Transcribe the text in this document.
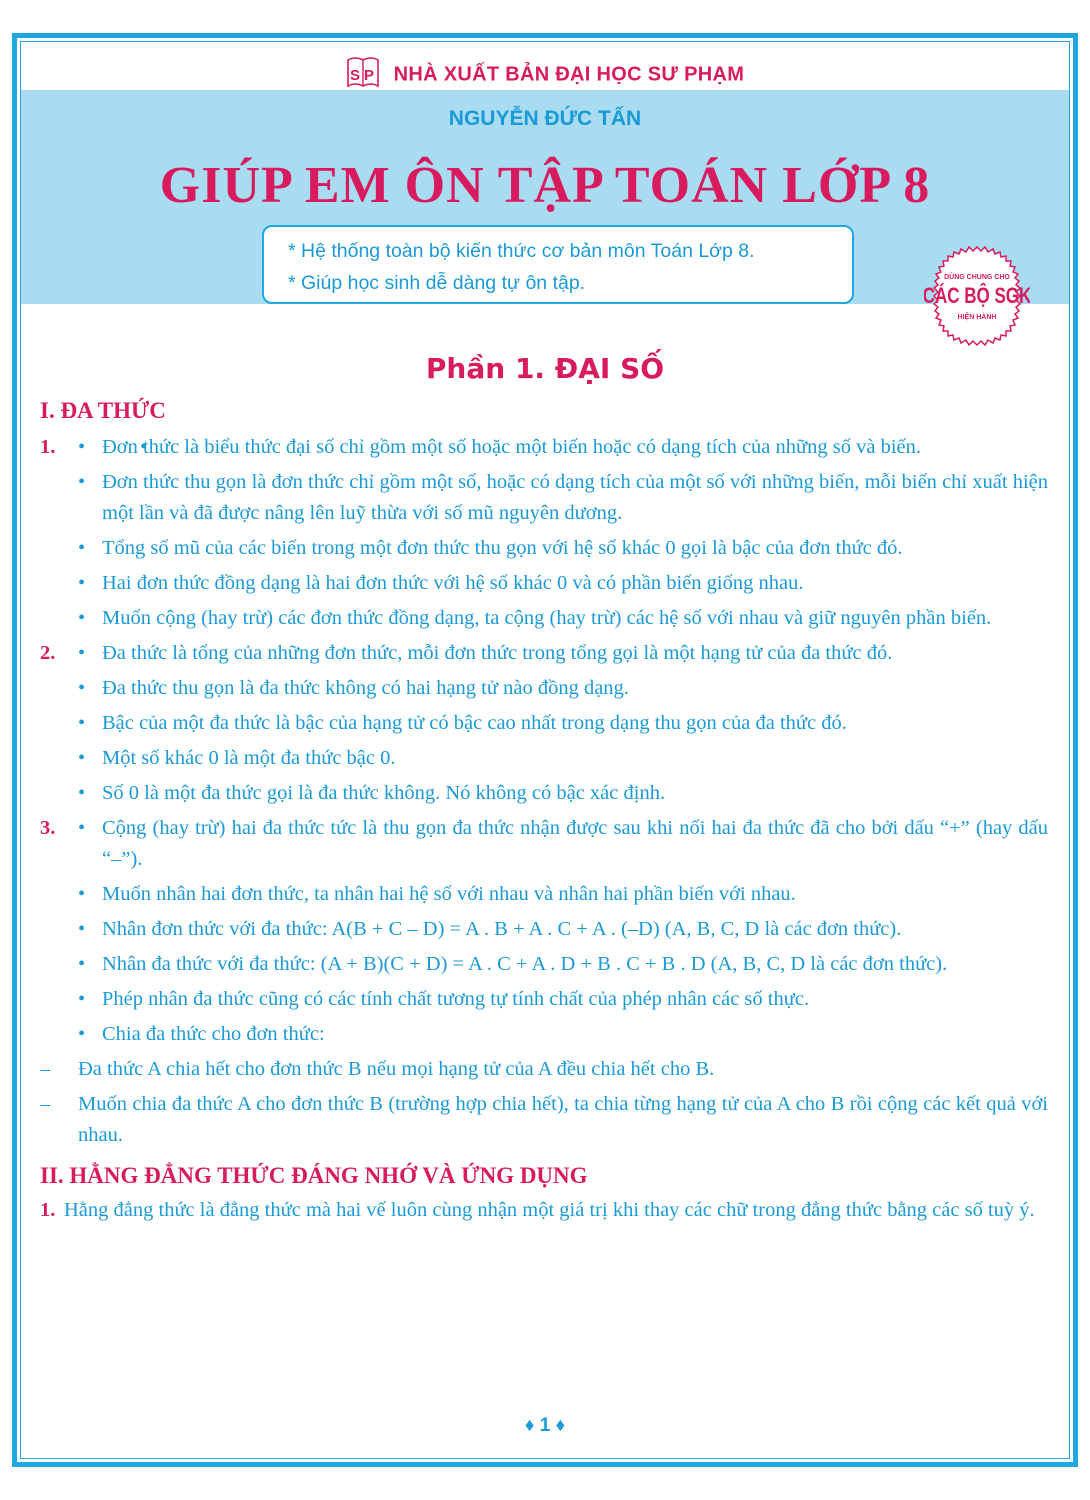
S P NHÀ XUẤT BẢN ĐẠI HỌC SƯ PHẠM
NGUYỄN ĐỨC TẤN
GIÚP EM ÔN TẬP TOÁN LỚP 8
* Hệ thống toàn bộ kiến thức cơ bản môn Toán Lớp 8.
* Giúp học sinh dễ dàng tự ôn tập.	DÙNG CHUNG CHO
CÁC BỘ SGK
HIỆN HÀNH
Phần 1. ĐẠI SỐ
I. ĐA THỨC
1. • • Đơn thức là biểu thức đại số chỉ gồm một số hoặc một biến hoặc có dạng tích của những số và biến.
• Đơn thức thu gọn là đơn thức chỉ gồm một số, hoặc có dạng tích của một số với những biến, mỗi biến chỉ xuất hiện một lần và đã được nâng lên luỹ thừa với số mũ nguyên dương.
• Tổng số mũ của các biến trong một đơn thức thu gọn với hệ số khác 0 gọi là bậc của đơn thức đó.
• Hai đơn thức đồng dạng là hai đơn thức với hệ số khác 0 và có phần biến giống nhau.
• Muốn cộng (hay trừ) các đơn thức đồng dạng, ta cộng (hay trừ) các hệ số với nhau và giữ nguyên phần biến.
2. • Đa thức là tổng của những đơn thức, mỗi đơn thức trong tổng gọi là một hạng tử của đa thức đó.
• Đa thức thu gọn là đa thức không có hai hạng tử nào đồng dạng.
• Bậc của một đa thức là bậc của hạng tử có bậc cao nhất trong dạng thu gọn của đa thức đó.
• Một số khác 0 là một đa thức bậc 0.
• Số 0 là một đa thức gọi là đa thức không. Nó không có bậc xác định.
3. • Cộng (hay trừ) hai đa thức tức là thu gọn đa thức nhận được sau khi nối hai đa thức đã cho bởi dấu “+” (hay dấu “–”).
• Muốn nhân hai đơn thức, ta nhân hai hệ số với nhau và nhân hai phần biến với nhau.
• Nhân đơn thức với đa thức: A(B + C – D) = A . B + A . C + A . (–D) (A, B, C, D là các đơn thức).
• Nhân đa thức với đa thức: (A + B)(C + D) = A . C + A . D + B . C + B . D (A, B, C, D là các đơn thức).
• Phép nhân đa thức cũng có các tính chất tương tự tính chất của phép nhân các số thực.
• Chia đa thức cho đơn thức:
– Đa thức A chia hết cho đơn thức B nếu mọi hạng tử của A đều chia hết cho B.
– Muốn chia đa thức A cho đơn thức B (trường hợp chia hết), ta chia từng hạng tử của A cho B rồi cộng các kết quả với nhau.
II. HẰNG ĐẲNG THỨC ĐÁNG NHỚ VÀ ỨNG DỤNG
1. Hằng đẳng thức là đẳng thức mà hai vế luôn cùng nhận một giá trị khi thay các chữ trong đẳng thức bằng các số tuỳ ý.
♦ 1 ♦
